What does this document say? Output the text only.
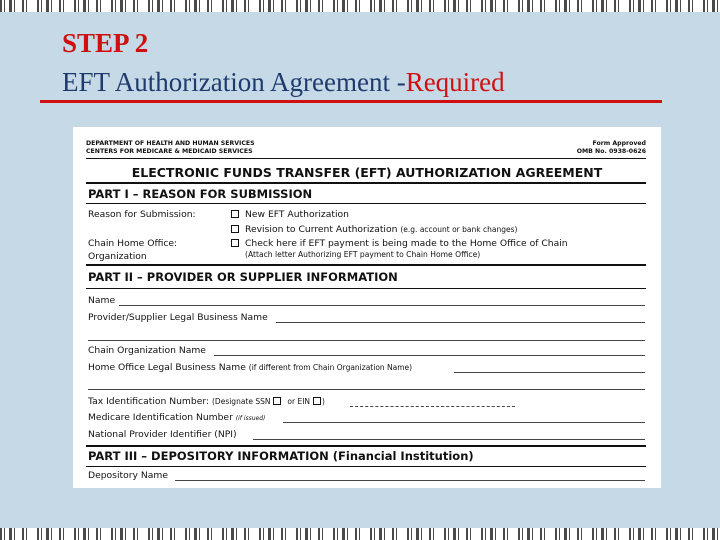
STEP 2
EFT Authorization Agreement -Required
DEPARTMENT OF HEALTH AND HUMAN SERVICES
CENTERS FOR MEDICARE & MEDICAID SERVICES
Form Approved
OMB No. 0938-0626
ELECTRONIC FUNDS TRANSFER (EFT) AUTHORIZATION AGREEMENT
PART I – REASON FOR SUBMISSION
Reason for Submission:	New EFT Authorization
Revision to Current Authorization (e.g. account or bank changes)
Chain Home Office:
Organization
Check here if EFT payment is being made to the Home Office of Chain
(Attach letter Authorizing EFT payment to Chain Home Office)
PART II – PROVIDER OR SUPPLIER INFORMATION
Name
Provider/Supplier Legal Business Name
Chain Organization Name
Home Office Legal Business Name (if different from Chain Organization Name)
Tax Identification Number: (Designate SSN or EIN )
Medicare Identification Number (if issued)
National Provider Identifier (NPI)
PART III – DEPOSITORY INFORMATION (Financial Institution)
Depository Name
